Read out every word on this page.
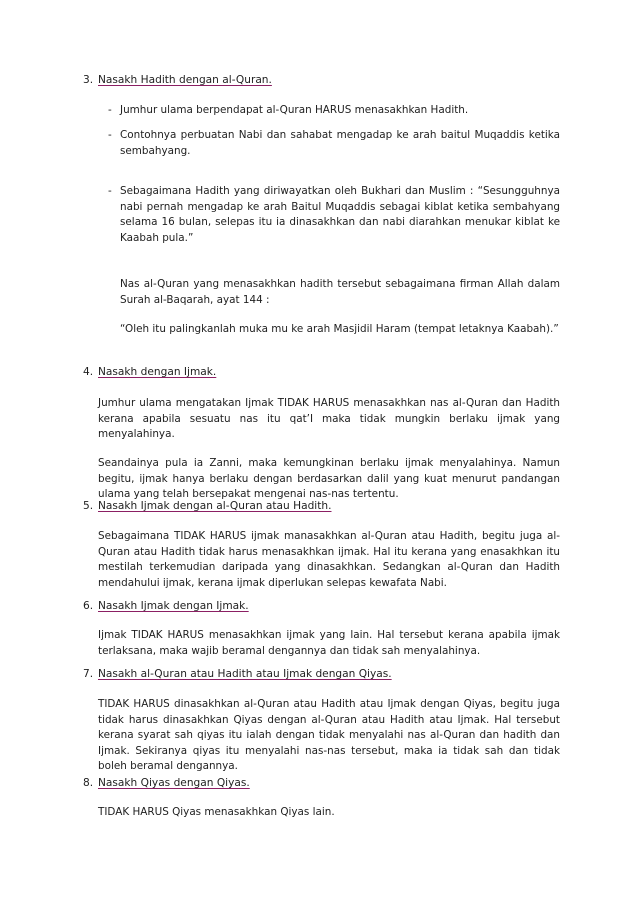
3. Nasakh Hadith dengan al-Quran.
- Jumhur ulama berpendapat al-Quran HARUS menasakhkan Hadith.

- Contohnya perbuatan Nabi dan sahabat mengadap ke arah baitul Muqaddis ketika sembahyang.

- Sebagaimana Hadith yang diriwayatkan oleh Bukhari dan Muslim : “Sesungguhnya nabi pernah mengadap ke arah Baitul Muqaddis sebagai kiblat ketika sembahyang selama 16 bulan, selepas itu ia dinasakhkan dan nabi diarahkan menukar kiblat ke Kaabah pula.”

Nas al-Quran yang menasakhkan hadith tersebut sebagaimana firman Allah dalam Surah al-Baqarah, ayat 144 :

“Oleh itu palingkanlah muka mu ke arah Masjidil Haram (tempat letaknya Kaabah).”

4. Nasakh dengan Ijmak.

Jumhur ulama mengatakan Ijmak TIDAK HARUS menasakhkan nas al-Quran dan Hadith kerana apabila sesuatu nas itu qat’I maka tidak mungkin berlaku ijmak yang menyalahinya.

Seandainya pula ia Zanni, maka kemungkinan berlaku ijmak menyalahinya. Namun begitu, ijmak hanya berlaku dengan berdasarkan dalil yang kuat menurut pandangan ulama yang telah bersepakat mengenai nas-nas tertentu.

5. Nasakh Ijmak dengan al-Quran atau Hadith.

Sebagaimana TIDAK HARUS ijmak manasakhkan al-Quran atau Hadith, begitu juga al-Quran atau Hadith tidak harus menasakhkan ijmak. Hal itu kerana yang enasakhkan itu mestilah terkemudian daripada yang dinasakhkan. Sedangkan al-Quran dan Hadith mendahului ijmak, kerana ijmak diperlukan selepas kewafata Nabi.

6. Nasakh Ijmak dengan Ijmak.

Ijmak TIDAK HARUS menasakhkan ijmak yang lain. Hal tersebut kerana apabila ijmak terlaksana, maka wajib beramal dengannya dan tidak sah menyalahinya.

7. Nasakh al-Quran atau Hadith atau Ijmak dengan Qiyas.

TIDAK HARUS dinasakhkan al-Quran atau Hadith atau Ijmak dengan Qiyas, begitu juga tidak harus dinasakhkan Qiyas dengan al-Quran atau Hadith atau Ijmak. Hal tersebut kerana syarat sah qiyas itu ialah dengan tidak menyalahi nas al-Quran dan hadith dan Ijmak. Sekiranya qiyas itu menyalahi nas-nas tersebut, maka ia tidak sah dan tidak boleh beramal dengannya.

8. Nasakh Qiyas dengan Qiyas.

TIDAK HARUS Qiyas menasakhkan Qiyas lain.
